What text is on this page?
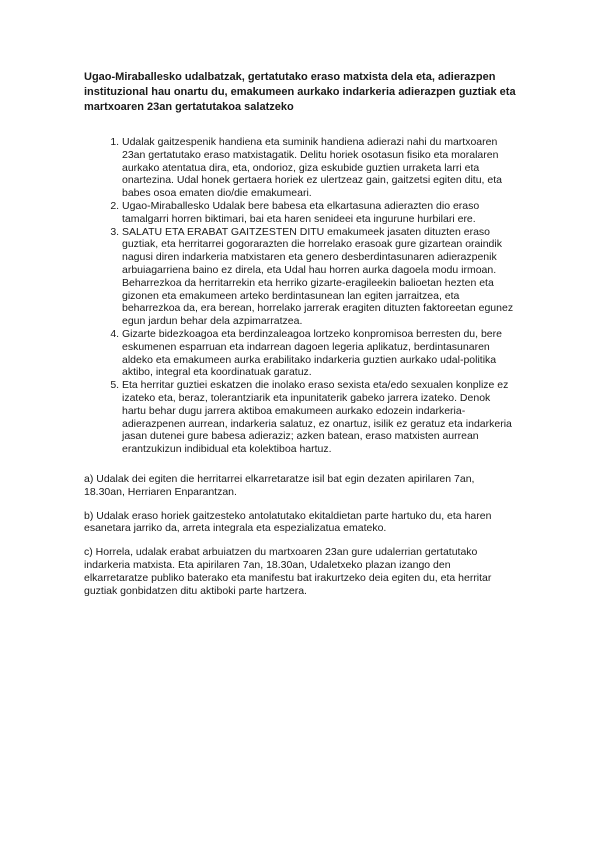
Ugao-Miraballesko udalbatzak, gertatutako eraso matxista dela eta, adierazpen instituzional hau onartu du, emakumeen aurkako indarkeria adierazpen guztiak eta martxoaren 23an gertatutakoa salatzeko

1. Udalak gaitzespenik handiena eta suminik handiena adierazi nahi du martxoaren 23an gertatutako eraso matxistagatik. Delitu horiek osotasun fisiko eta moralaren aurkako atentatua dira, eta, ondorioz, giza eskubide guztien urraketa larri eta onartezina. Udal honek gertaera horiek ez ulertzeaz gain, gaitzetsi egiten ditu, eta babes osoa ematen dio/die emakumeari.
2. Ugao-Miraballesko Udalak bere babesa eta elkartasuna adierazten dio eraso tamalgarri horren biktimari, bai eta haren senideei eta ingurune hurbilari ere.
3. SALATU ETA ERABAT GAITZESTEN DITU emakumeek jasaten dituzten eraso guztiak, eta herritarrei gogorarazten die horrelako erasoak gure gizartean oraindik nagusi diren indarkeria matxistaren eta genero desberdintasunaren adierazpenik arbuiagarriena baino ez direla, eta Udal hau horren aurka dagoela modu irmoan. Beharrezkoa da herritarrekin eta herriko gizarte-eragileekin balioetan hezten eta gizonen eta emakumeen arteko berdintasunean lan egiten jarraitzea, eta beharrezkoa da, era berean, horrelako jarrerak eragiten dituzten faktoreetan egunez egun jardun behar dela azpimarratzea.
4. Gizarte bidezkoagoa eta berdinzaleagoa lortzeko konpromisoa berresten du, bere eskumenen esparruan eta indarrean dagoen legeria aplikatuz, berdintasunaren aldeko eta emakumeen aurka erabilitako indarkeria guztien aurkako udal-politika aktibo, integral eta koordinatuak garatuz.
5. Eta herritar guztiei eskatzen die inolako eraso sexista eta/edo sexualen konplize ez izateko eta, beraz, tolerantziarik eta inpunitaterik gabeko jarrera izateko. Denok hartu behar dugu jarrera aktiboa emakumeen aurkako edozein indarkeria-adierazpenen aurrean, indarkeria salatuz, ez onartuz, isilik ez geratuz eta indarkeria jasan dutenei gure babesa adieraziz; azken batean, eraso matxisten aurrean erantzukizun indibidual eta kolektiboa hartuz.

a) Udalak dei egiten die herritarrei elkarretaratze isil bat egin dezaten apirilaren 7an, 18.30an, Herriaren Enparantzan.

b) Udalak eraso horiek gaitzesteko antolatutako ekitaldietan parte hartuko du, eta haren esanetara jarriko da, arreta integrala eta espezializatua emateko.

c) Horrela, udalak erabat arbuiatzen du martxoaren 23an gure udalerrian gertatutako indarkeria matxista. Eta apirilaren 7an, 18.30an, Udaletxeko plazan izango den elkarretaratze publiko baterako eta manifestu bat irakurtzeko deia egiten du, eta herritar guztiak gonbidatzen ditu aktiboki parte hartzera.
